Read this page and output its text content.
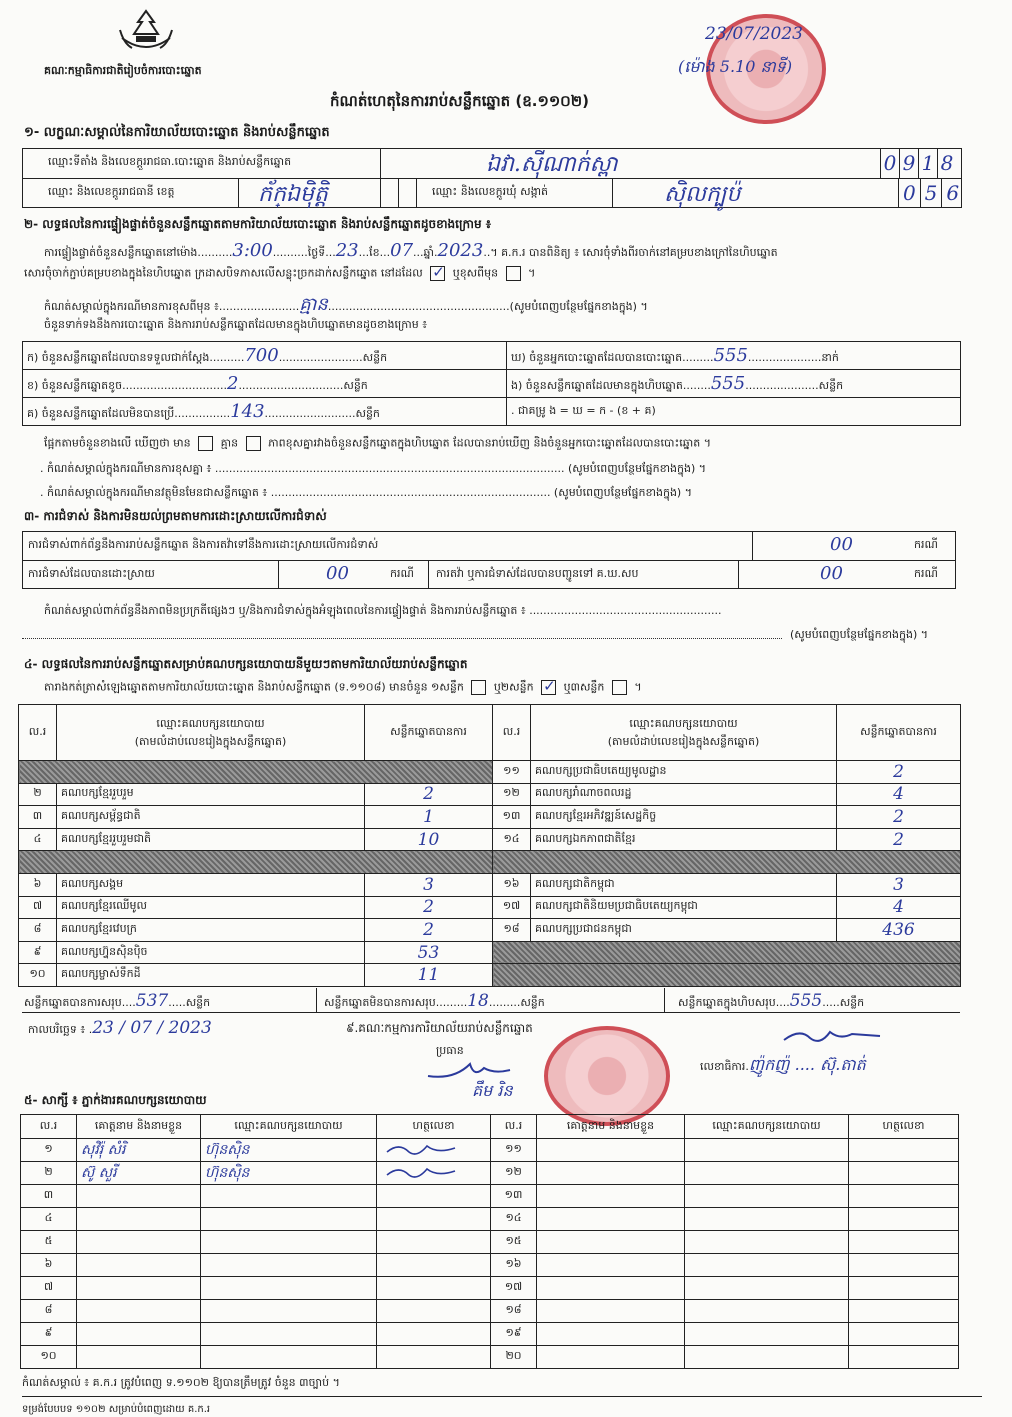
គណៈកម្មាធិការជាតិរៀបចំការបោះឆ្នោត
កំណត់ហេតុនៃការរាប់សន្លឹកឆ្នោត (ឧ.១១០២)
23/07/2023
(ម៉ោង 5.10 នាទី)
១- លក្ខណៈសម្គាល់នៃការិយាល័យបោះឆ្នោត និងរាប់សន្លឹកឆ្នោត
ឈ្មោះទីតាំង និងលេខក្តួររាជធា.បោះឆ្នោត និងរាប់សន្លឹកឆ្នោត	ឯវា.ស៊ីណាក់ស្ពា	0 9 1 8
ឈ្មោះ និងលេខក្តូររាជធានី ខេត្ត	ក័ក្ឯម៉ិត្តិ	ឈ្មោះ និងលេខក្តូរឃុំ សង្កាត់	ស៊ិលក្បូប៉	0 5 6
២- លទ្ធផលនៃការផ្ទៀងផ្ទាត់ចំនួនសន្លឹកឆ្នោតតាមការិយាល័យបោះឆ្នោត និងរាប់សន្លឹកឆ្នោតដូចខាងក្រោម ៖
ការផ្ទៀងផ្ទាត់ចំនួនសន្លឹកឆ្នោតនៅម៉ោង..........3:00..........ថ្ងៃទី...23...ខែ...07...ឆ្នាំ.2023..។ គ.ក.រ បានពិនិត្យ ៖ សោរចុំទាំងពីរចាក់នៅគម្របខាងក្រៅនៃហិបឆ្នោត
សោរចុំចាក់ភ្ជាប់គម្របខាងក្នុងនៃហិបឆ្នោត ក្រដាសបិទភាសលើសន្លុះច្រកដាក់សន្លឹកឆ្នោត នៅដដែល ✓	ឬខុសពីមុន	។
កំណត់សម្គាល់ក្នុងករណីមានការខុសពីមុន ៖.......................គ្មាន....................................................(សូមបំពេញបន្ថែមផ្នែកខាងក្នុង) ។
ចំនួនទាក់ទងនឹងការបោះឆ្នោត និងការរាប់សន្លឹកឆ្នោតដែលមានក្នុងហិបឆ្នោតមានដូចខាងក្រោម ៖
ក) ចំនួនសន្លឹកឆ្នោតដែលបានទទួលជាក់ស្តែង..........700........................សន្លឹក	ឃ) ចំនួនអ្នកបោះឆ្នោតដែលបានបោះឆ្នោត.........555.....................នាក់
ខ) ចំនួនសន្លឹកឆ្នោតខូច..............................2..............................សន្លឹក	ង) ចំនួនសន្លឹកឆ្នោតដែលមានក្នុងហិបឆ្នោត........555.....................សន្លឹក
គ) ចំនួនសន្លឹកឆ្នោតដែលមិនបានប្រើ................143..........................សន្លឹក	. ជាគម្រូ ង = ឃ = ក - (ខ + គ)
ផ្អែកតាមចំនួនខាងលើ ឃើញថា មាន	គ្មាន	ភាពខុសគ្នារវាងចំនួនសន្លឹកឆ្នោតក្នុងហិបឆ្នោត ដែលបានរាប់ឃើញ និងចំនួនអ្នកបោះឆ្នោតដែលបានបោះឆ្នោត ។
. កំណត់សម្គាល់ក្នុងករណីមានការខុសគ្នា ៖ .................................................................................................... (សូមបំពេញបន្ថែមផ្នែកខាងក្នុង) ។
. កំណត់សម្គាល់ក្នុងករណីមានវត្ថុមិនមែនជាសន្លឹកឆ្នោត ៖ ................................................................................ (សូមបំពេញបន្ថែមផ្នែកខាងក្នុង) ។
៣- ការជំទាស់ និងការមិនយល់ព្រមតាមការដោះស្រាយលើការជំទាស់
ការជំទាស់ពាក់ព័ន្ធនឹងការរាប់សន្លឹកឆ្នោត និងការតវ៉ាទៅនឹងការដោះស្រាយលើការជំទាស់	00	ករណី
ការជំទាស់ដែលបានដោះស្រាយ	00	ករណី ការតវ៉ា ឬការជំទាស់ដែលបានបញ្ជូនទៅ គ.ឃ.សប	00	ករណី
កំណត់សម្គាល់ពាក់ព័ន្ធនឹងភាពមិនប្រក្រតីផ្សេងៗ ឬ/និងការជំទាស់ក្នុងអំឡុងពេលនៃការផ្ទៀងផ្ទាត់ និងការរាប់សន្លឹកឆ្នោត ៖ .......................................................
(សូមបំពេញបន្ថែមផ្នែកខាងក្នុង) ។
៤- លទ្ធផលនៃការរាប់សន្លឹកឆ្នោតសម្រាប់គណបក្សនយោបាយនីមួយៗតាមការិយាល័យរាប់សន្លឹកឆ្នោត
តារាងកត់ត្រាសំឡេងឆ្នោតតាមការិយាល័យបោះឆ្នោត និងរាប់សន្លឹកឆ្នោត (ទ.១១០៨) មានចំនួន ១សន្លឹក	ឬ២សន្លឹក ✓	ឬ៣សន្លឹក	។
ល.រ	ឈ្មោះគណបក្សនយោបាយ
(តាមលំដាប់លេខរៀងក្នុងសន្លឹកឆ្នោត)	សន្លឹកឆ្នោតបានការ	ល.រ	ឈ្មោះគណបក្សនយោបាយ
(តាមលំដាប់លេខរៀងក្នុងសន្លឹកឆ្នោត)	សន្លឹកឆ្នោតបានការ
			១១	គណបក្សប្រជាធិបតេយ្យមូលដ្ឋាន	2
២	គណបក្សខ្មែររួបរួម	2	១២	គណបក្សរាំណាចពលរដ្ឋ	4
៣	គណបក្សសម្ព័ន្ធជាតិ	1	១៣	គណបក្សខ្មែរអភិវឌ្ឍន៍សេដ្ឋកិច្ច	2
៤	គណបក្សខ្មែររួបរួមជាតិ	10	១៤	គណបក្សឯកភាពជាតិខ្មែរ	2

៦	គណបក្សសង្គម	3	១៦	គណបក្សជាតិកម្ពុជា	3
៧	គណបក្សខ្មែរឈើមូល	2	១៧	គណបក្សជាតិនិយមប្រជាធិបតេយ្យកម្ពុជា	4
៨	គណបក្សខ្មែរវេបក្រ	2	១៨	គណបក្សប្រជាជនកម្ពុជា	436
៩	គណបក្សហ្វ៊ុនស៊ិនប៉ិច	53			
១០	គណបក្សម្ចាស់ទឹកដី	11			
សន្លឹកឆ្នោតបានការសរុប....537.....សន្លឹក	សន្លឹកឆ្នោតមិនបានការសរុប.........18.........សន្លឹក	សន្លឹកឆ្នោតក្នុងហិបសរុប....555.....សន្លឹក
កាលបរិច្ឆេទ ៖ .23 / 07 / 2023	៩.គណៈកម្មការការិយាល័យរាប់សន្លឹកឆ្នោត
ប្រធាន
គឹម រិន
លេខាធិការ.ញ៉ូកញ៉ .... ស៊ុ.តាត់
៥- សាក្សី ៖ ភ្នាក់ងារគណបក្សនយោបាយ
ល.រ	គោត្តនាម និងនាមខ្លួន	ឈ្មោះគណបក្សនយោបាយ	ហត្ថលេខា	ល.រ	គោត្តនាម និងនាមខ្លួន	ឈ្មោះគណបក្សនយោបាយ	ហត្ថលេខា
១	សុវិរ៉ុ សំរិ	ហ៊ុនស៊ិន		១១			
២	ស៊ូ សួរី	ហ៊ុនស៊ិន		១២			
៣				១៣			
៤				១៤			
៥				១៥			
៦				១៦			
៧				១៧			
៨				១៨			
៩				១៩			
១០				២០			
កំណត់សម្គាល់ ៖ គ.ក.រ ត្រូវបំពេញ ទ.១១០២ ឱ្យបានត្រឹមត្រូវ ចំនួន ៣ច្បាប់ ។
ទម្រង់បែបបទ ១១០២ សម្រាប់បំពេញដោយ គ.ក.រ
